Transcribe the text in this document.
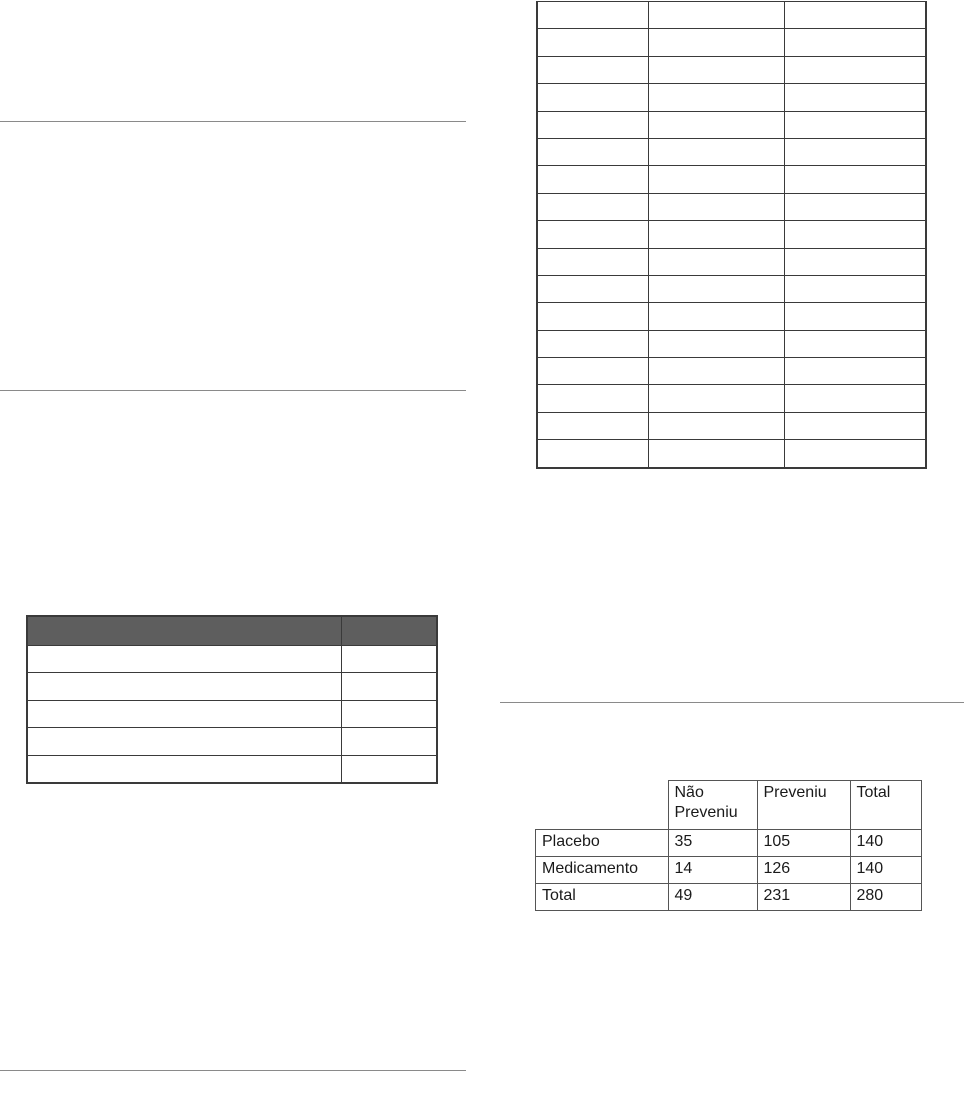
	Não Preveniu	Preveniu	Total
Placebo	35	105	140
Medicamento	14	126	140
Total	49	231	280
